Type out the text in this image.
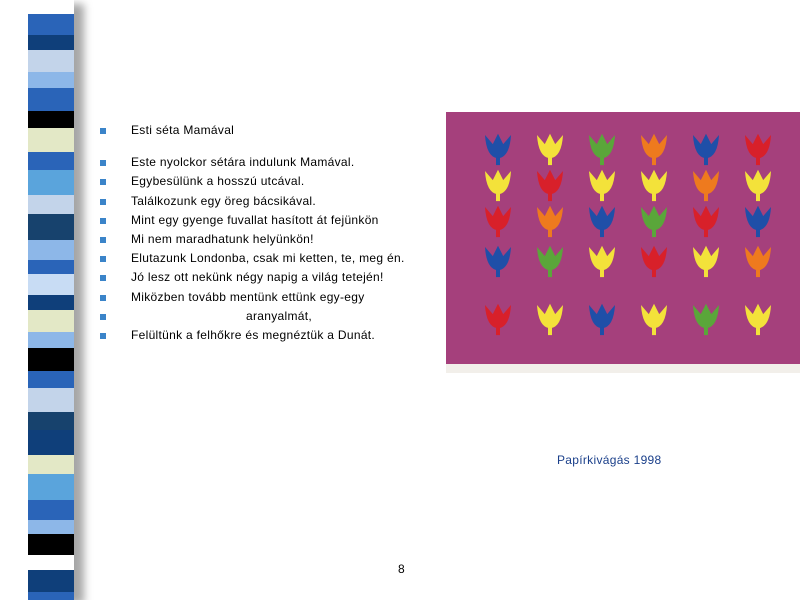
Esti séta Mamával
Este nyolckor sétára indulunk Mamával.
Egybesülünk a hosszú utcával.
Találkozunk egy öreg bácsikával.
Mint egy gyenge fuvallat hasított át fejünkön
Mi nem maradhatunk helyünkön!
Elutazunk Londonba, csak mi ketten, te, meg én.
Jó lesz ott nekünk négy napig a világ tetején!
Miközben tovább mentünk ettünk egy-egy
aranyalmát,
Felültünk a felhőkre és megnéztük a Dunát.
Papírkivágás 1998
8
